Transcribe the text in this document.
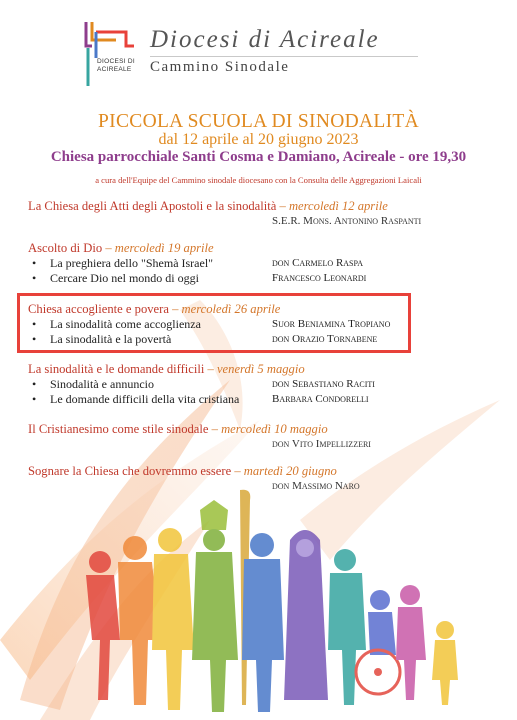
DIOCESI DI
ACIREALE
Diocesi di Acireale
Cammino Sinodale
PICCOLA SCUOLA DI SINODALITÀ
dal 12 aprile al 20 giugno 2023
Chiesa parrocchiale Santi Cosma e Damiano, Acireale - ore 19,30
a cura dell'Equipe del Cammino sinodale diocesano con la Consulta delle Aggregazioni Laicali
La Chiesa degli Atti degli Apostoli e la sinodalità – mercoledì 12 aprile
S.E.R. Mons. Antonino Raspanti
Ascolto di Dio – mercoledì 19 aprile
• La preghiera dello "Shemà Israel"	don Carmelo Raspa
• Cercare Dio nel mondo di oggi	Francesco Leonardi
Chiesa accogliente e povera – mercoledì 26 aprile
• La sinodalità come accoglienza	Suor Beniamina Tropiano
• La sinodalità e la povertà	don Orazio Tornabene
La sinodalità e le domande difficili – venerdì 5 maggio
• Sinodalità e annuncio	don Sebastiano Raciti
• Le domande difficili della vita cristiana	Barbara Condorelli
Il Cristianesimo come stile sinodale – mercoledì 10 maggio
don Vito Impellizzeri
Sognare la Chiesa che dovremmo essere – martedì 20 giugno
don Massimo Naro
